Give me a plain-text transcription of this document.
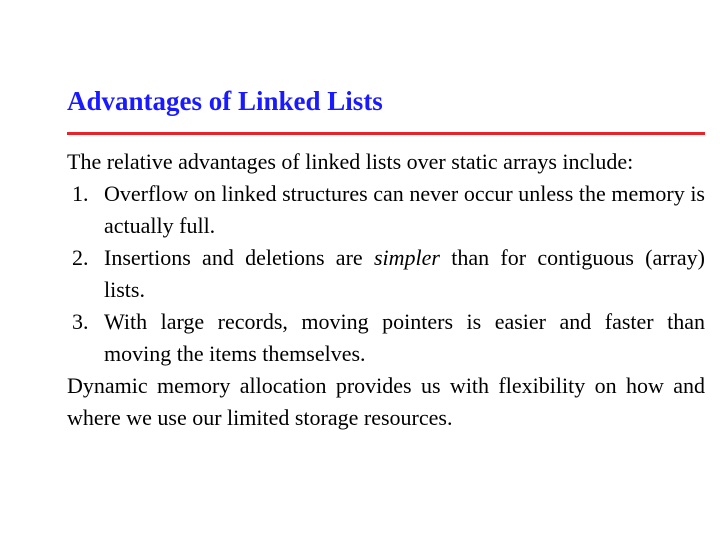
Advantages of Linked Lists

The relative advantages of linked lists over static arrays include:

1. Overflow on linked structures can never occur unless the memory is actually full.
2. Insertions and deletions are simpler than for contiguous (array) lists.
3. With large records, moving pointers is easier and faster than moving the items themselves.

Dynamic memory allocation provides us with flexibility on how and where we use our limited storage resources.
